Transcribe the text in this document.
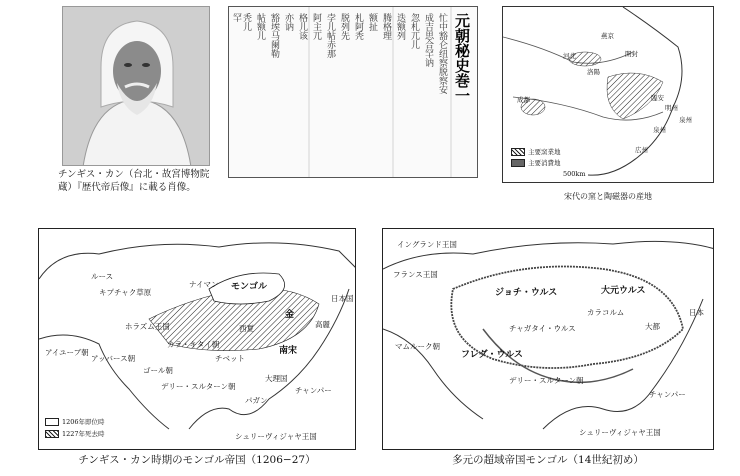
チンギス・カン（台北・故宮博物院蔵）『歴代帝后像』に載る肖像。
元朝秘史巻一
忙中豁仑纽察脱察安
成吉思合罕讷
忽札兀儿
迭额列
腾格理
额扯
札阿秃
脱列先
孛儿帖赤那
阿主兀
格儿该
亦讷
豁埃马阑勒
帖额儿
秃儿
罕
燕京
開封
河北
洛陽
臨安
明州
泉州
広州
泉州
成都
主要窯業地
主要消費地
500km
宋代の窯と陶磁器の産地
ルース
キプチャク草原
ナイマン モンゴル
ホラズム王国	西夏
金
日本国
高麗
カラ・キタイ朝
チベット
南宋
大理国
アイユーブ朝
アッバース朝
ゴール朝
デリー・スルターン朝
パガン
チャンパー
シュリーヴィジャヤ王国
1206年即位時
1227年死去時
チンギス・カン時期のモンゴル帝国（1206−27）
イングランド王国
フランス王国
ジョチ・ウルス	大元ウルス
チャガタイ・ウルス
フレグ・ウルス
カラコルム
大都
マムルーク朝
デリー・スルターン朝
日本
チャンパー
シュリーヴィジャヤ王国
多元の超域帝国モンゴル（14世紀初め）
